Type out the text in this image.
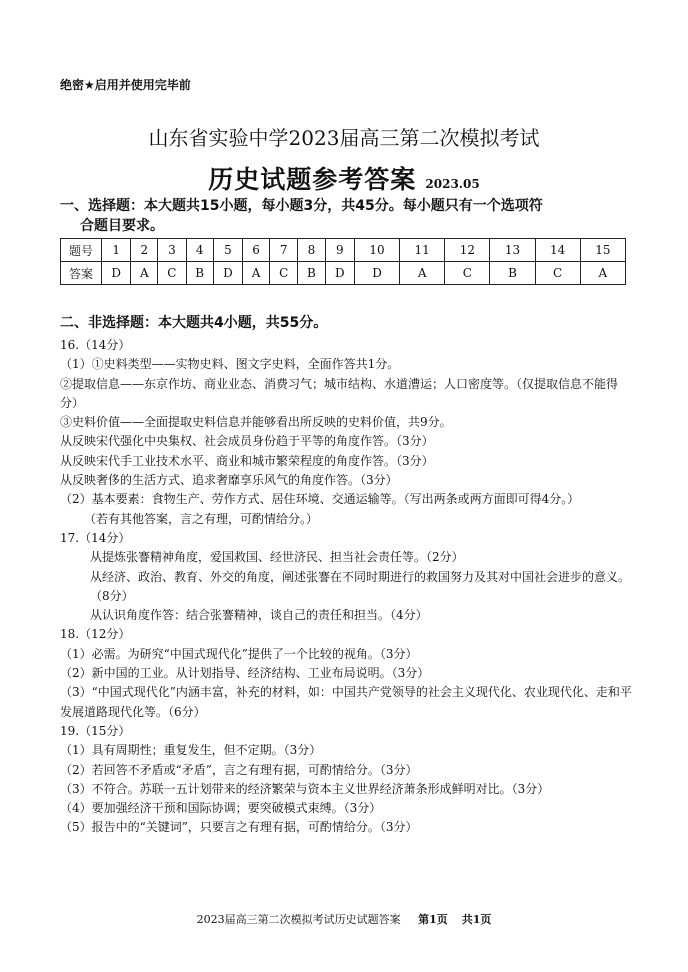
绝密★启用并使用完毕前
山东省实验中学2023届高三第二次模拟考试
历史试题参考答案 2023.05
一、选择题：本大题共15小题，每小题3分，共45分。每小题只有一个选项符
合题目要求。
题号	1	2	3	4	5	6	7	8	9	10	11	12	13	14	15
答案	D	A	C	B	D	A	C	B	D	D	A	C	B	C	A
二、非选择题：本大题共4小题，共55分。

16.（14分）

（1）①史料类型——实物史料、图文字史料，全面作答共1分。

②提取信息——东京作坊、商业业态、消费习气；城市结构、水道漕运；人口密度等。（仅提取信息不能得分）

③史料价值——全面提取史料信息并能够看出所反映的史料价值，共9分。

从反映宋代强化中央集权、社会成员身份趋于平等的角度作答。（3分）

从反映宋代手工业技术水平、商业和城市繁荣程度的角度作答。（3分）

从反映奢侈的生活方式、追求奢靡享乐风气的角度作答。（3分）

（2）基本要素：食物生产、劳作方式、居住环境、交通运输等。（写出两条或两方面即可得4分。）

（若有其他答案，言之有理，可酌情给分。）

17.（14分）

从提炼张謇精神角度，爱国救国、经世济民、担当社会责任等。（2分）

从经济、政治、教育、外交的角度，阐述张謇在不同时期进行的救国努力及其对中国社会进步的意义。（8分）

从认识角度作答：结合张謇精神，谈自己的责任和担当。（4分）

18.（12分）

（1）必需。为研究“中国式现代化”提供了一个比较的视角。（3分）

（2）新中国的工业。从计划指导、经济结构、工业布局说明。（3分）

（3）“中国式现代化”内涵丰富，补充的材料，如：中国共产党领导的社会主义现代化、农业现代化、走和平发展道路现代化等。（6分）

19.（15分）

（1）具有周期性；重复发生，但不定期。（3分）

（2）若回答不矛盾或“矛盾”，言之有理有据，可酌情给分。（3分）

（3）不符合。苏联一五计划带来的经济繁荣与资本主义世界经济萧条形成鲜明对比。（3分）

（4）要加强经济干预和国际协调；要突破模式束缚。（3分）

（5）报告中的“关键词”，只要言之有理有据，可酌情给分。（3分）

2023届高三第二次模拟考试历史试题答案 第1页 共1页
